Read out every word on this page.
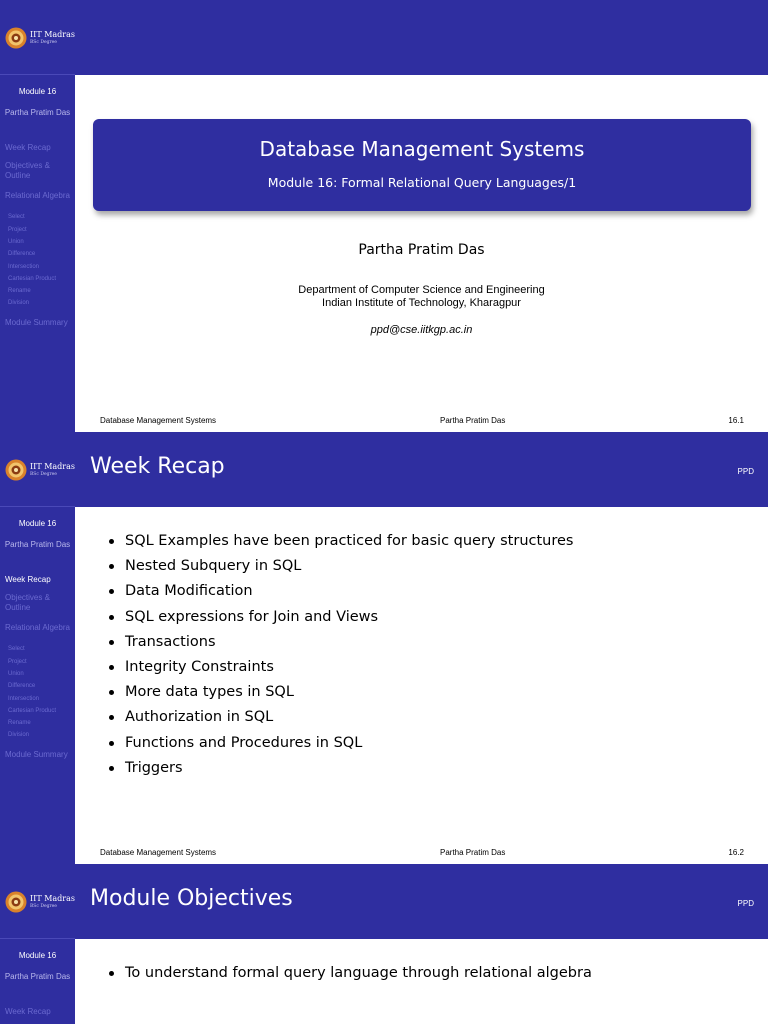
IIT Madras
BSc Degree
Module 16
Partha Pratim Das
Week Recap
Objectives & Outline
Relational Algebra
Select
Project
Union
Difference
Intersection
Cartesian Product
Rename
Division
Module Summary
Database Management Systems
Module 16: Formal Relational Query Languages/1
Partha Pratim Das
Department of Computer Science and Engineering
Indian Institute of Technology, Kharagpur
ppd@cse.iitkgp.ac.in
Database Management Systems	Partha Pratim Das	16.1
IIT Madras
BSc Degree
Module 16
Partha Pratim Das
Week Recap
Objectives & Outline
Relational Algebra
Select
Project
Union
Difference
Intersection
Cartesian Product
Rename
Division
Module Summary
Week Recap	PPD
SQL Examples have been practiced for basic query structures
Nested Subquery in SQL
Data Modification
SQL expressions for Join and Views
Transactions
Integrity Constraints
More data types in SQL
Authorization in SQL
Functions and Procedures in SQL
Triggers
Database Management Systems	Partha Pratim Das	16.2
IIT Madras
BSc Degree
Module 16
Partha Pratim Das
Week Recap
Module Objectives	PPD
To understand formal query language through relational algebra
